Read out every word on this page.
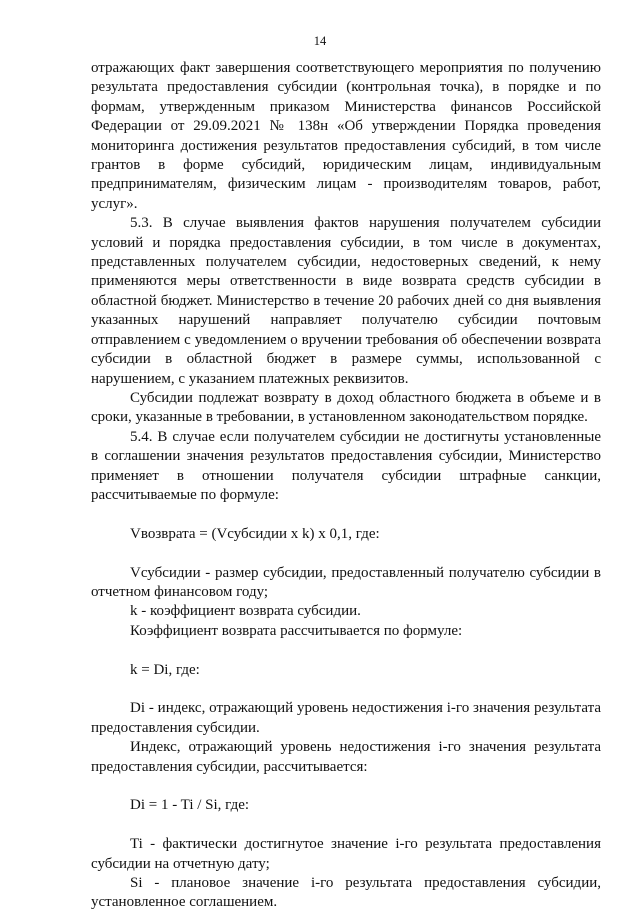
14

отражающих факт завершения соответствующего мероприятия по получению результата предоставления субсидии (контрольная точка), в порядке и по формам, утвержденным приказом Министерства финансов Российской Федерации от 29.09.2021 № 138н «Об утверждении Порядка проведения мониторинга достижения результатов предоставления субсидий, в том числе грантов в форме субсидий, юридическим лицам, индивидуальным предпринимателям, физическим лицам - производителям товаров, работ, услуг».

5.3. В случае выявления фактов нарушения получателем субсидии условий и порядка предоставления субсидии, в том числе в документах, представленных получателем субсидии, недостоверных сведений, к нему применяются меры ответственности в виде возврата средств субсидии в областной бюджет. Министерство в течение 20 рабочих дней со дня выявления указанных нарушений направляет получателю субсидии почтовым отправлением с уведомлением о вручении требования об обеспечении возврата субсидии в областной бюджет в размере суммы, использованной с нарушением, с указанием платежных реквизитов.

Субсидии подлежат возврату в доход областного бюджета в объеме и в сроки, указанные в требовании, в установленном законодательством порядке.

5.4. В случае если получателем субсидии не достигнуты установленные в соглашении значения результатов предоставления субсидии, Министерство применяет в отношении получателя субсидии штрафные санкции, рассчитываемые по формуле:

Vвозврата = (Vсубсидии x k) x 0,1, где:

Vсубсидии - размер субсидии, предоставленный получателю субсидии в отчетном финансовом году;

k - коэффициент возврата субсидии.

Коэффициент возврата рассчитывается по формуле:

k = Di, где:

Di - индекс, отражающий уровень недостижения i-го значения результата предоставления субсидии.

Индекс, отражающий уровень недостижения i-го значения результата предоставления субсидии, рассчитывается:

Di = 1 - Ti / Si, где:

Ti - фактически достигнутое значение i-го результата предоставления субсидии на отчетную дату;

Si - плановое значение i-го результата предоставления субсидии, установленное соглашением.
